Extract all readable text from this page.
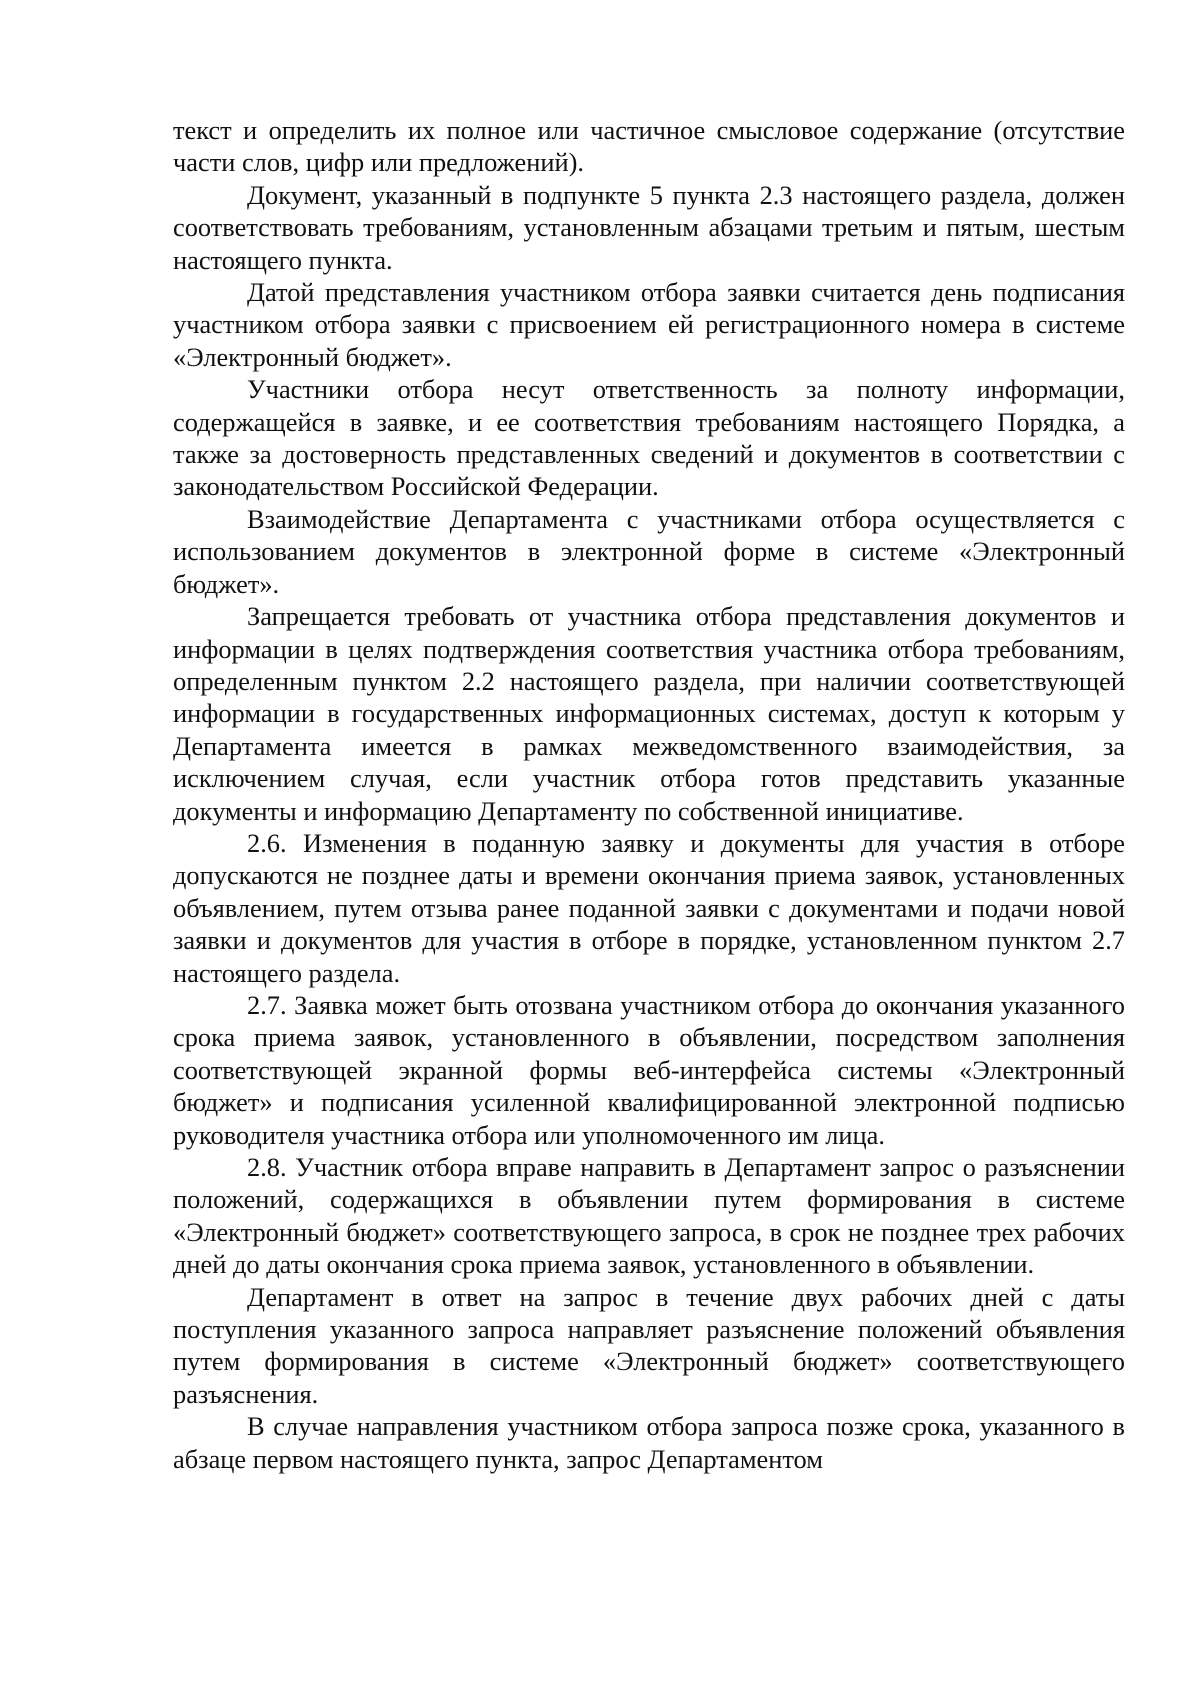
текст и определить их полное или частичное смысловое содержание (отсутствие части слов, цифр или предложений).

Документ, указанный в подпункте 5 пункта 2.3 настоящего раздела, должен соответствовать требованиям, установленным абзацами третьим и пятым, шестым настоящего пункта.

Датой представления участником отбора заявки считается день подписания участником отбора заявки с присвоением ей регистрационного номера в системе «Электронный бюджет».

Участники отбора несут ответственность за полноту информации, содержащейся в заявке, и ее соответствия требованиям настоящего Порядка, а также за достоверность представленных сведений и документов в соответствии с законодательством Российской Федерации.

Взаимодействие Департамента с участниками отбора осуществляется с использованием документов в электронной форме в системе «Электронный бюджет».

Запрещается требовать от участника отбора представления документов и информации в целях подтверждения соответствия участника отбора требованиям, определенным пунктом 2.2 настоящего раздела, при наличии соответствующей информации в государственных информационных системах, доступ к которым у Департамента имеется в рамках межведомственного взаимодействия, за исключением случая, если участник отбора готов представить указанные документы и информацию Департаменту по собственной инициативе.

2.6. Изменения в поданную заявку и документы для участия в отборе допускаются не позднее даты и времени окончания приема заявок, установленных объявлением, путем отзыва ранее поданной заявки с документами и подачи новой заявки и документов для участия в отборе в порядке, установленном пунктом 2.7 настоящего раздела.

2.7. Заявка может быть отозвана участником отбора до окончания указанного срока приема заявок, установленного в объявлении, посредством заполнения соответствующей экранной формы веб-интерфейса системы «Электронный бюджет» и подписания усиленной квалифицированной электронной подписью руководителя участника отбора или уполномоченного им лица.

2.8. Участник отбора вправе направить в Департамент запрос о разъяснении положений, содержащихся в объявлении путем формирования в системе «Электронный бюджет» соответствующего запроса, в срок не позднее трех рабочих дней до даты окончания срока приема заявок, установленного в объявлении.

Департамент в ответ на запрос в течение двух рабочих дней с даты поступления указанного запроса направляет разъяснение положений объявления путем формирования в системе «Электронный бюджет» соответствующего разъяснения.

В случае направления участником отбора запроса позже срока, указанного в абзаце первом настоящего пункта, запрос Департаментом
